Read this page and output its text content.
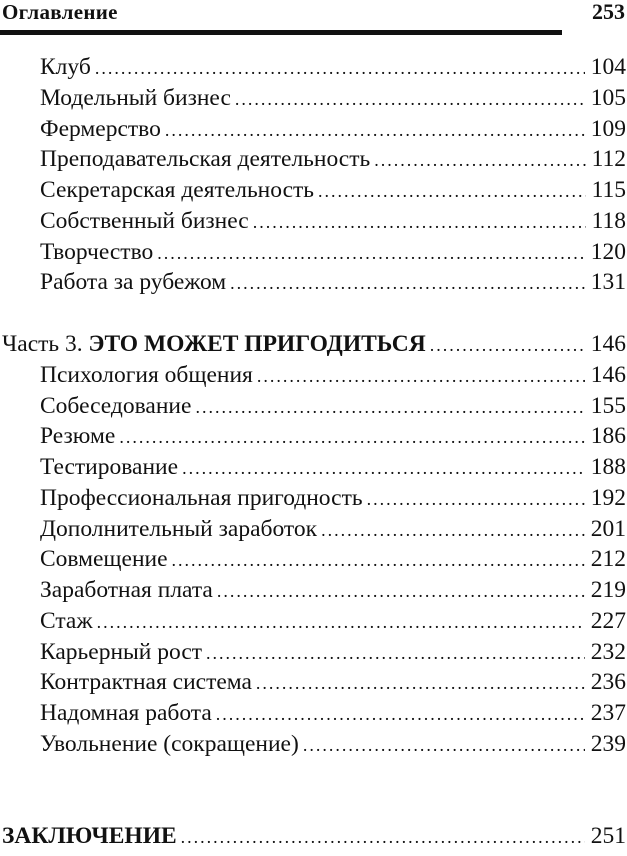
Оглавление	253
Клуб .....	104
Модельный бизнес .....	105
Фермерство .....	109
Преподавательская деятельность .....	112
Секретарская деятельность .....	115
Собственный бизнес .....	118
Творчество .....	120
Работа за рубежом .....	131
Часть 3. ЭТО МОЖЕТ ПРИГОДИТЬСЯ .....	146
Психология общения .....	146
Собеседование .....	155
Резюме .....	186
Тестирование .....	188
Профессиональная пригодность .....	192
Дополнительный заработок .....	201
Совмещение .....	212
Заработная плата .....	219
Стаж .....	227
Карьерный рост .....	232
Контрактная система .....	236
Надомная работа .....	237
Увольнение (сокращение) .....	239
ЗАКЛЮЧЕНИЕ .....	251
